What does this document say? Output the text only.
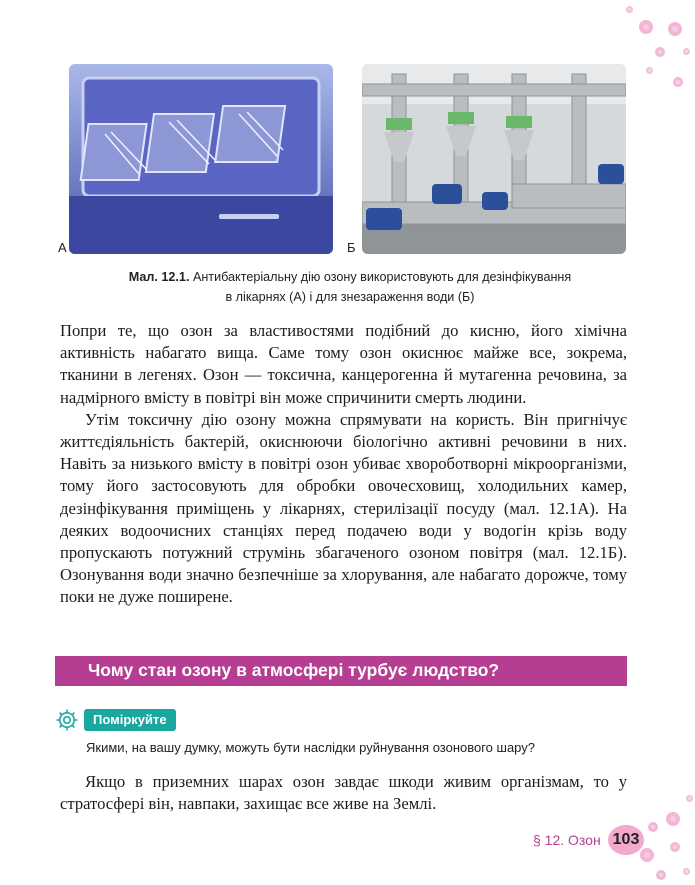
А	Б
Мал. 12.1. Антибактеріальну дію озону використовують для дезінфікування
в лікарнях (А) і для знезараження води (Б)

Попри те, що озон за властивостями подібний до кисню, його хімічна активність набагато вища. Саме тому озон окиснює майже все, зокрема, тканини в легенях. Озон — токсична, канцерогенна й мутагенна речовина, за надмірного вмісту в повітрі він може спричинити смерть людини.

Утім токсичну дію озону можна спрямувати на користь. Він пригнічує життєдіяльність бактерій, окиснюючи біологічно активні речовини в них. Навіть за низького вмісту в повітрі озон убиває хвороботворні мікроорганізми, тому його застосовують для обробки овочесховищ, холодильних камер, дезінфікування приміщень у лікарнях, стерилізації посуду (мал. 12.1А). На деяких водоочисних станціях перед подачею води у водогін крізь воду пропускають потужний струмінь збагаченого озоном повітря (мал. 12.1Б). Озонування води значно безпечніше за хлорування, але набагато дорожче, тому поки не дуже поширене.

Чому стан озону в атмосфері турбує людство?
Поміркуйте
Якими, на вашу думку, можуть бути наслідки руйнування озонового шару?

Якщо в приземних шарах озон завдає шкоди живим організмам, то у стратосфері він, навпаки, захищає все живе на Землі.

§ 12. Озон 103
